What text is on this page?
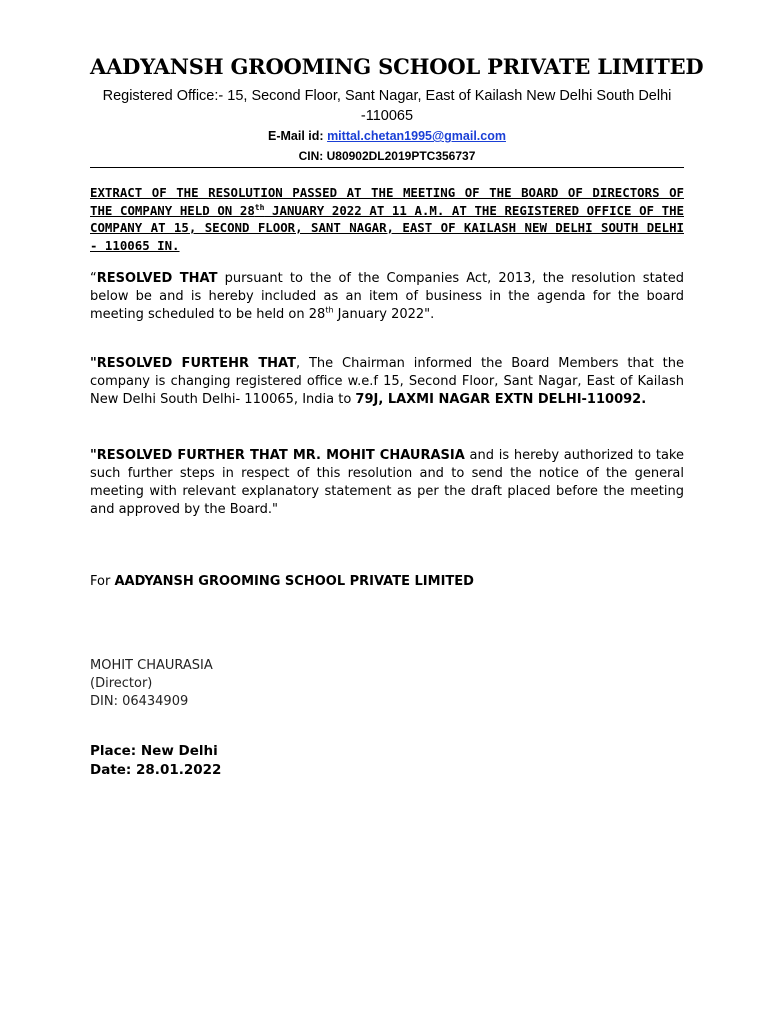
AADYANSH GROOMING SCHOOL PRIVATE LIMITED
Registered Office:- 15, Second Floor, Sant Nagar, East of Kailash New Delhi South Delhi -110065
E-Mail id: mittal.chetan1995@gmail.com
CIN: U80902DL2019PTC356737
EXTRACT OF THE RESOLUTION PASSED AT THE MEETING OF THE BOARD OF DIRECTORS OF THE COMPANY HELD ON 28th JANUARY 2022 AT 11 A.M. AT THE REGISTERED OFFICE OF THE COMPANY AT 15, SECOND FLOOR, SANT NAGAR, EAST OF KAILASH NEW DELHI SOUTH DELHI - 110065 IN.
“RESOLVED THAT pursuant to the of the Companies Act, 2013, the resolution stated below be and is hereby included as an item of business in the agenda for the board meeting scheduled to be held on 28th January 2022".
"RESOLVED FURTEHR THAT, The Chairman informed the Board Members that the company is changing registered office w.e.f 15, Second Floor, Sant Nagar, East of Kailash New Delhi South Delhi- 110065, India to 79J, LAXMI NAGAR EXTN DELHI-110092.
"RESOLVED FURTHER THAT MR. MOHIT CHAURASIA and is hereby authorized to take such further steps in respect of this resolution and to send the notice of the general meeting with relevant explanatory statement as per the draft placed before the meeting and approved by the Board."
For AADYANSH GROOMING SCHOOL PRIVATE LIMITED
MOHIT CHAURASIA
(Director)
DIN: 06434909
Place: New Delhi
Date: 28.01.2022
